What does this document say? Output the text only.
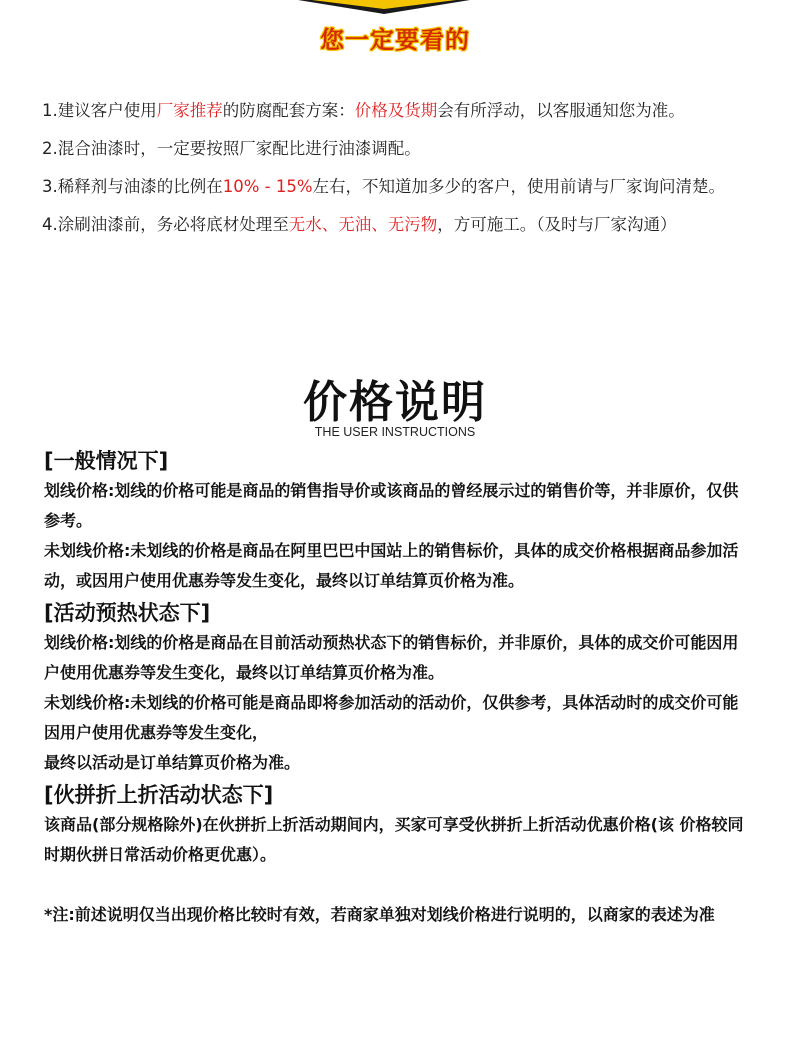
您一定要看的

1.建议客户使用厂家推荐的防腐配套方案：价格及货期会有所浮动，以客服通知您为准。

2.混合油漆时，一定要按照厂家配比进行油漆调配。

3.稀释剂与油漆的比例在10% - 15%左右，不知道加多少的客户，使用前请与厂家询问清楚。

4.涂刷油漆前，务必将底材处理至无水、无油、无污物，方可施工。（及时与厂家沟通）

价格说明
THE USER INSTRUCTIONS
[一般情况下]
划线价格:划线的价格可能是商品的销售指导价或该商品的曾经展示过的销售价等，并非原价，仅供参考。
未划线价格:未划线的价格是商品在阿里巴巴中国站上的销售标价，具体的成交价格根据商品参加活动，或因用户使用优惠券等发生变化，最终以订单结算页价格为准。
[活动预热状态下]
划线价格:划线的价格是商品在目前活动预热状态下的销售标价，并非原价，具体的成交价可能因用户使用优惠券等发生变化，最终以订单结算页价格为准。
未划线价格:未划线的价格可能是商品即将参加活动的活动价，仅供参考，具体活动时的成交价可能因用户使用优惠券等发生变化，
最终以活动是订单结算页价格为准。
[伙拼折上折活动状态下]
该商品(部分规格除外)在伙拼折上折活动期间内，买家可享受伙拼折上折活动优惠价格(该 价格较同时期伙拼日常活动价格更优惠）。
*注:前述说明仅当出现价格比较时有效，若商家单独对划线价格进行说明的，以商家的表述为准
